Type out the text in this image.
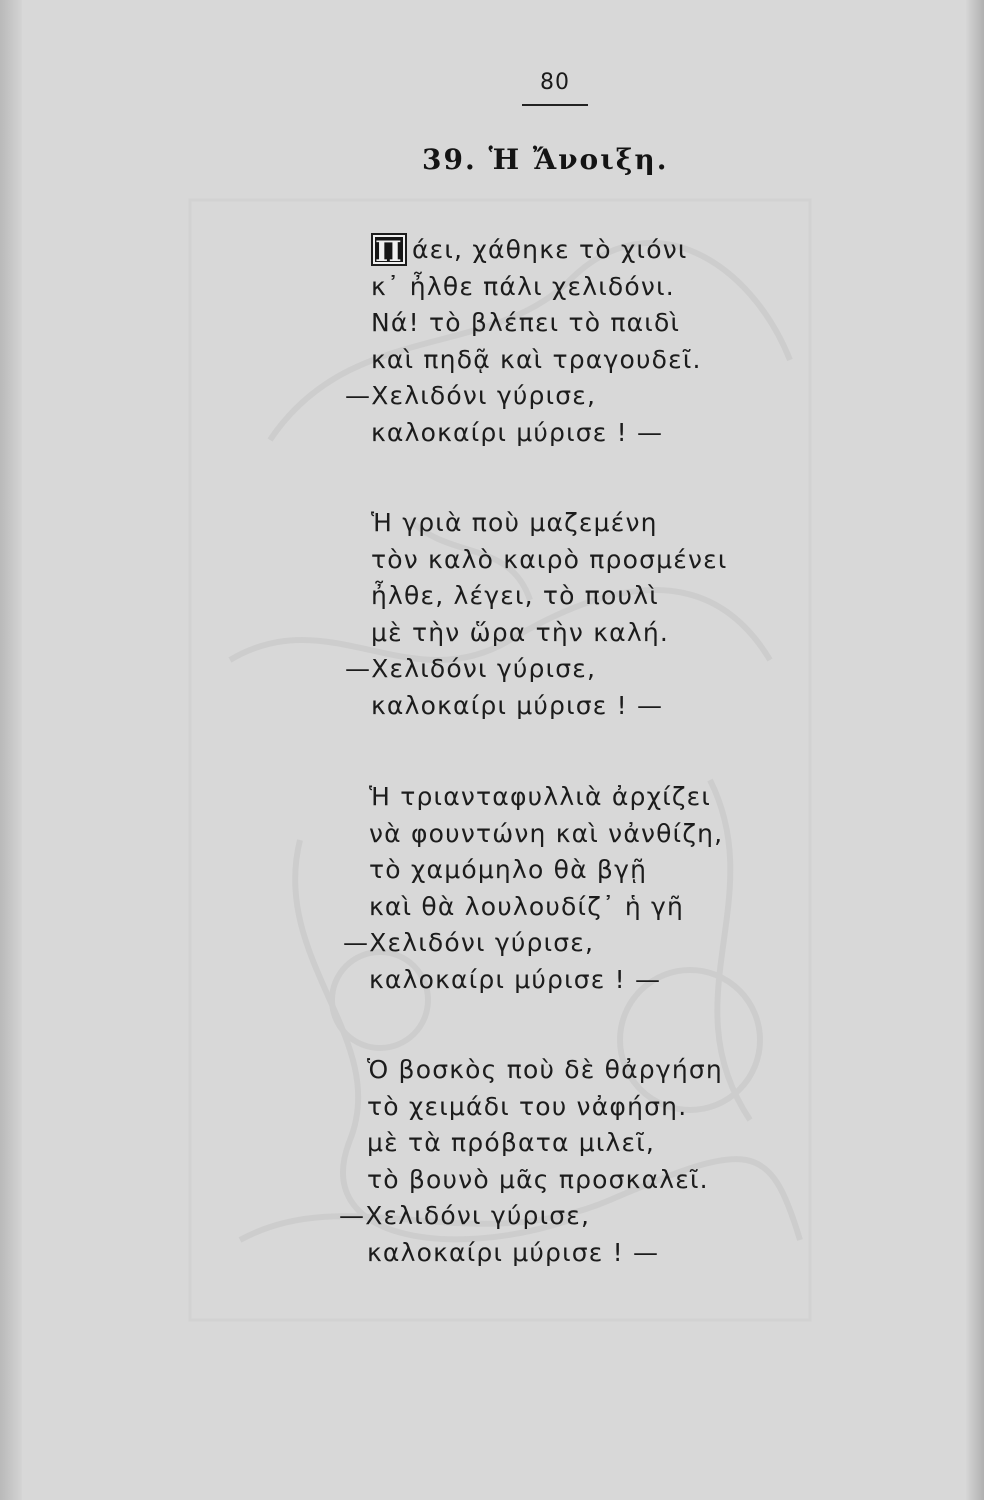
80
39. Ἡ Ἄνοιξη.
Π άει, χάθηκε τὸ χιόνι
κ᾽ ἦλθε πάλι χελιδόνι.
Νά! τὸ βλέπει τὸ παιδὶ
καὶ πηδᾷ καὶ τραγουδεῖ.
—Χελιδόνι γύρισε,
καλοκαίρι μύρισε ! —
Ἡ γριὰ ποὺ μαζεμένη
τὸν καλὸ καιρὸ προσμένει
ἦλθε, λέγει, τὸ πουλὶ
μὲ τὴν ὥρα τὴν καλή.
—Χελιδόνι γύρισε,
καλοκαίρι μύρισε ! —
Ἡ τριανταφυλλιὰ ἀρχίζει
νὰ φουντώνη καὶ νἀνθίζη,
τὸ χαμόμηλο θὰ βγῇ
καὶ θὰ λουλουδίζ᾽ ἡ γῆ
—Χελιδόνι γύρισε,
καλοκαίρι μύρισε ! —
Ὁ βοσκὸς ποὺ δὲ θἀργήση
τὸ χειμάδι του νἀφήση.
μὲ τὰ πρόβατα μιλεῖ,
τὸ βουνὸ μᾶς προσκαλεῖ.
—Χελιδόνι γύρισε,
καλοκαίρι μύρισε ! —
